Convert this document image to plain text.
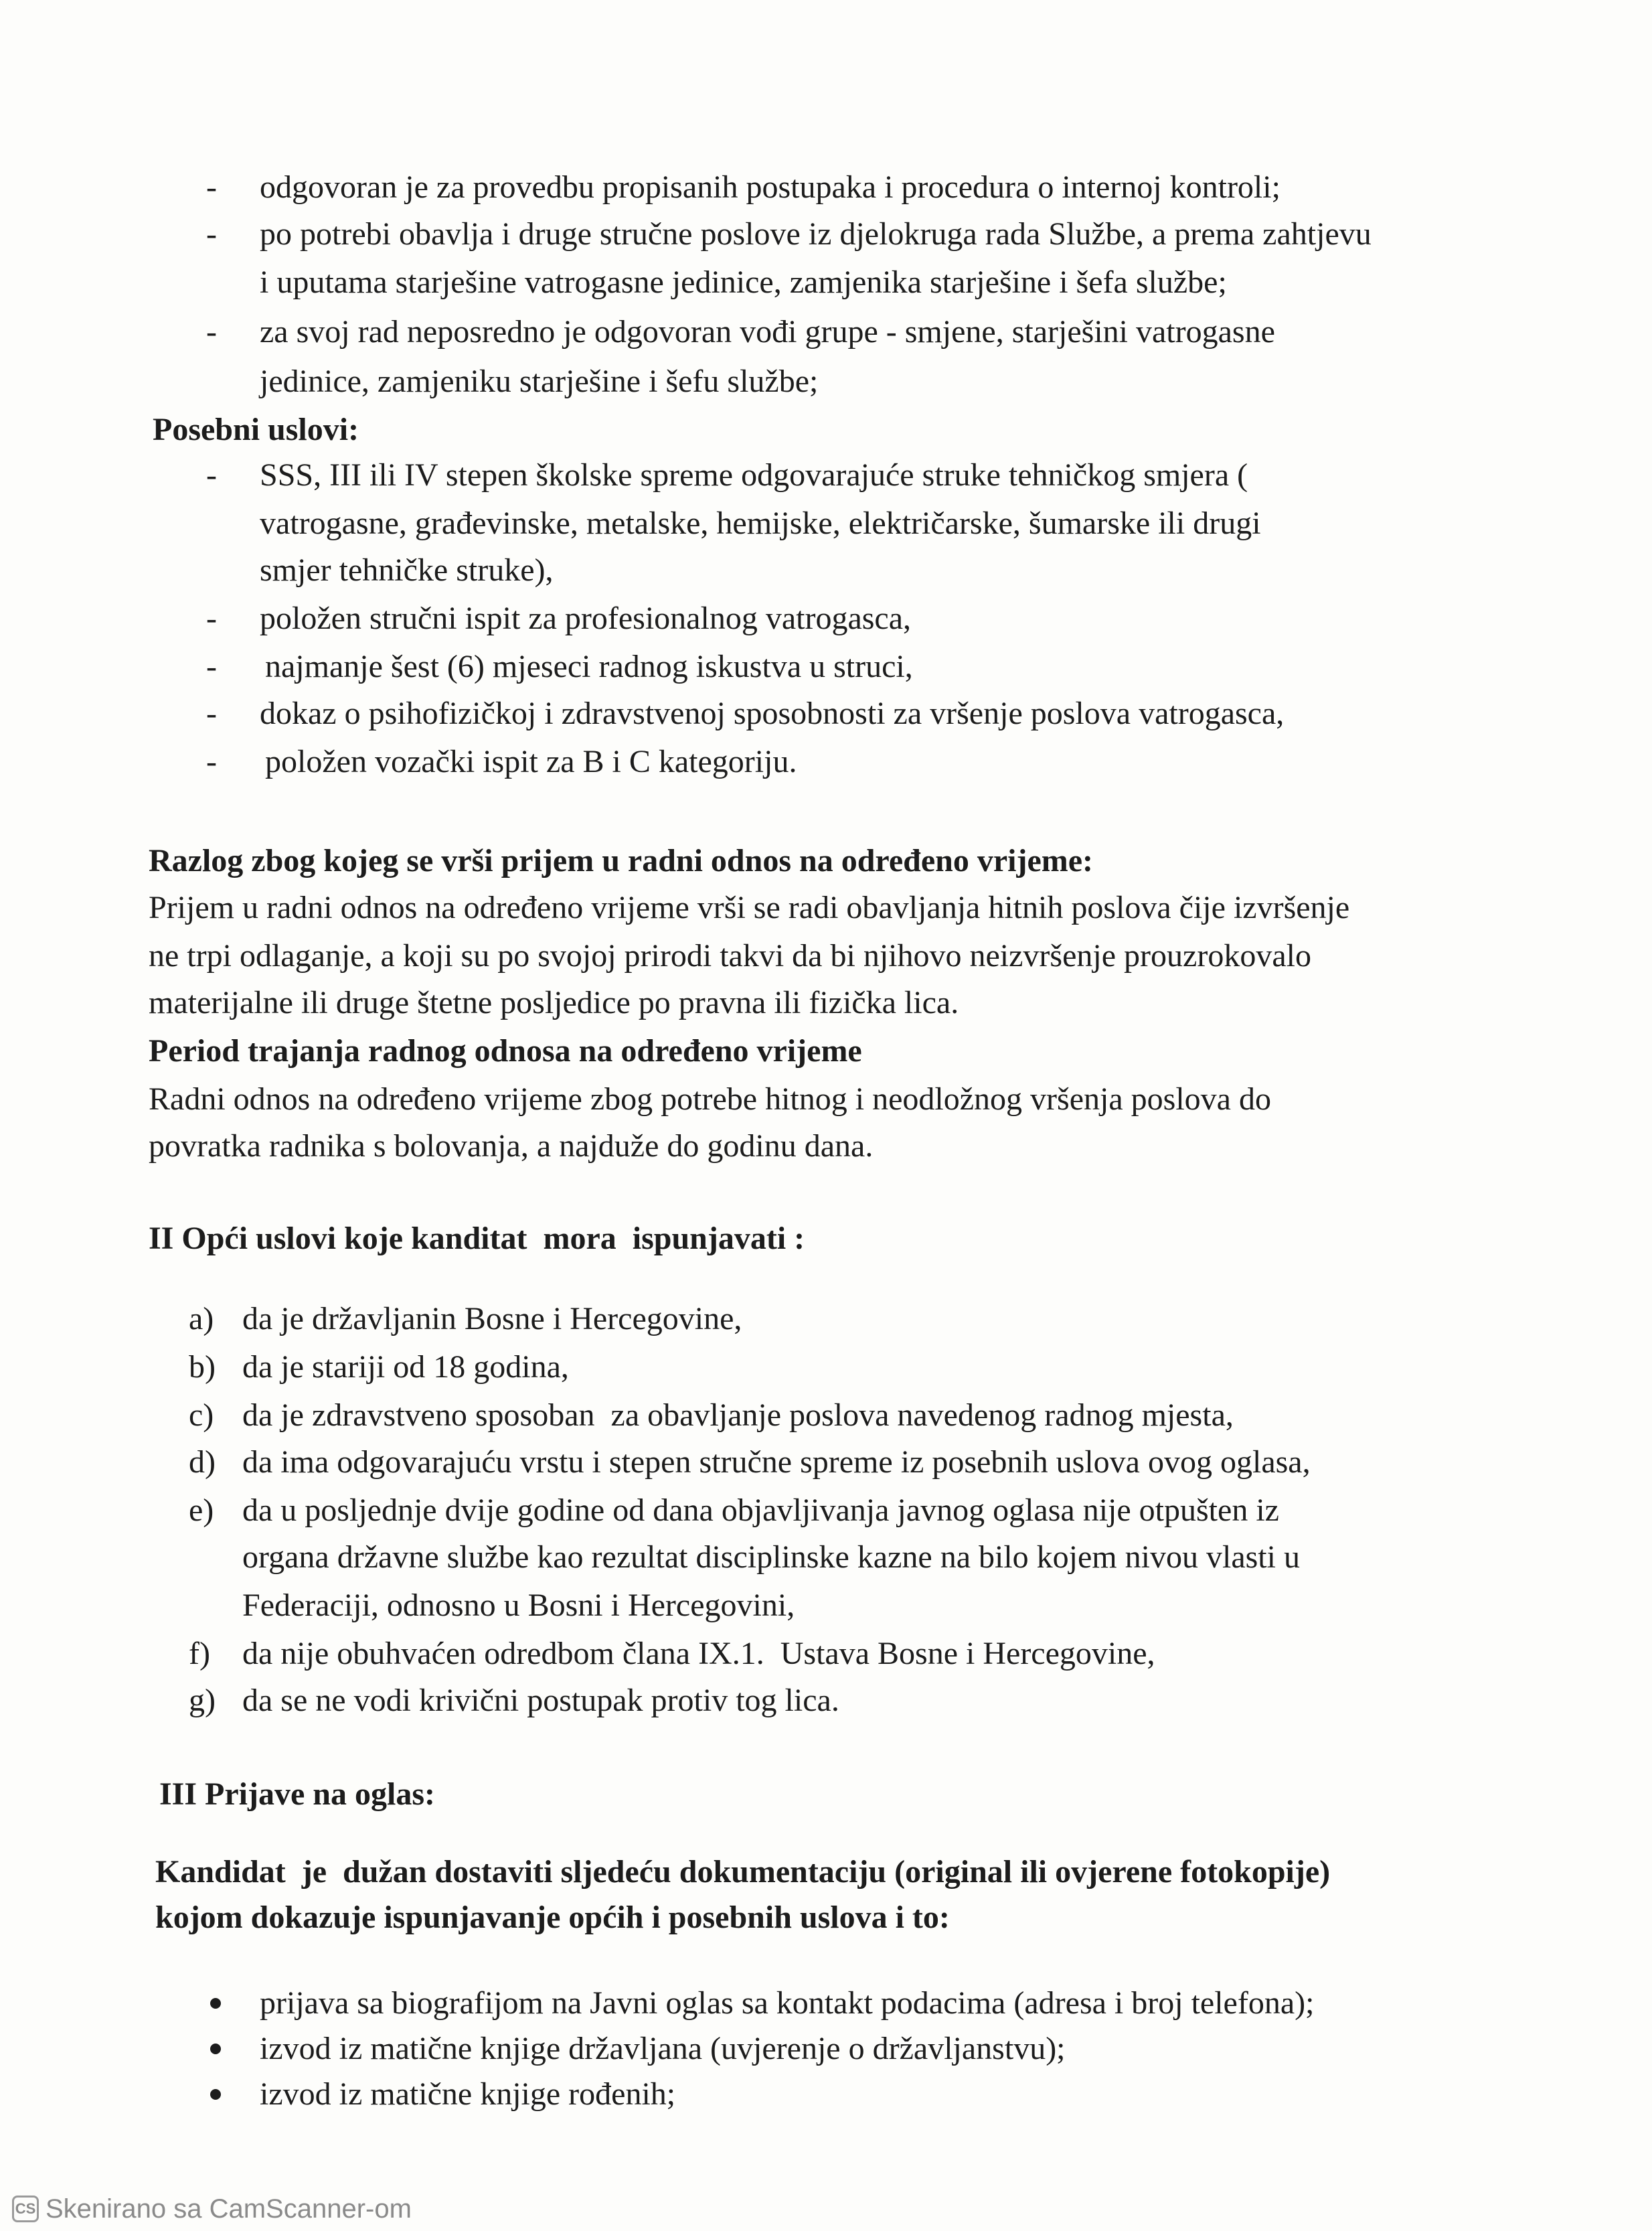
- odgovoran je za provedbu propisanih postupaka i procedura o internoj kontroli;
- po potrebi obavlja i druge stručne poslove iz djelokruga rada Službe, a prema zahtjevu
i uputama starješine vatrogasne jedinice, zamjenika starješine i šefa službe;
- za svoj rad neposredno je odgovoran vođi grupe - smjene, starješini vatrogasne
jedinice, zamjeniku starješine i šefu službe;
Posebni uslovi:
- SSS, III ili IV stepen školske spreme odgovarajuće struke tehničkog smjera (
vatrogasne, građevinske, metalske, hemijske, električarske, šumarske ili drugi
smjer tehničke struke),
- položen stručni ispit za profesionalnog vatrogasca,
- najmanje šest (6) mjeseci radnog iskustva u struci,
- dokaz o psihofizičkoj i zdravstvenoj sposobnosti za vršenje poslova vatrogasca,
- položen vozački ispit za B i C kategoriju.
Razlog zbog kojeg se vrši prijem u radni odnos na određeno vrijeme:
Prijem u radni odnos na određeno vrijeme vrši se radi obavljanja hitnih poslova čije izvršenje
ne trpi odlaganje, a koji su po svojoj prirodi takvi da bi njihovo neizvršenje prouzrokovalo
materijalne ili druge štetne posljedice po pravna ili fizička lica.
Period trajanja radnog odnosa na određeno vrijeme
Radni odnos na određeno vrijeme zbog potrebe hitnog i neodložnog vršenja poslova do
povratka radnika s bolovanja, a najduže do godinu dana.
II Opći uslovi koje kanditat  mora  ispunjavati :
a) da je državljanin Bosne i Hercegovine,
b) da je stariji od 18 godina,
c) da je zdravstveno sposoban  za obavljanje poslova navedenog radnog mjesta,
d) da ima odgovarajuću vrstu i stepen stručne spreme iz posebnih uslova ovog oglasa,
e) da u posljednje dvije godine od dana objavljivanja javnog oglasa nije otpušten iz
organa državne službe kao rezultat disciplinske kazne na bilo kojem nivou vlasti u
Federaciji, odnosno u Bosni i Hercegovini,
f) da nije obuhvaćen odredbom člana IX.1.  Ustava Bosne i Hercegovine,
g) da se ne vodi krivični postupak protiv tog lica.
III Prijave na oglas:
Kandidat  je  dužan dostaviti sljedeću dokumentaciju (original ili ovjerene fotokopije)
kojom dokazuje ispunjavanje općih i posebnih uslova i to:
prijava sa biografijom na Javni oglas sa kontakt podacima (adresa i broj telefona);
izvod iz matične knjige državljana (uvjerenje o državljanstvu);
izvod iz matične knjige rođenih;
CS Skenirano sa CamScanner-om
